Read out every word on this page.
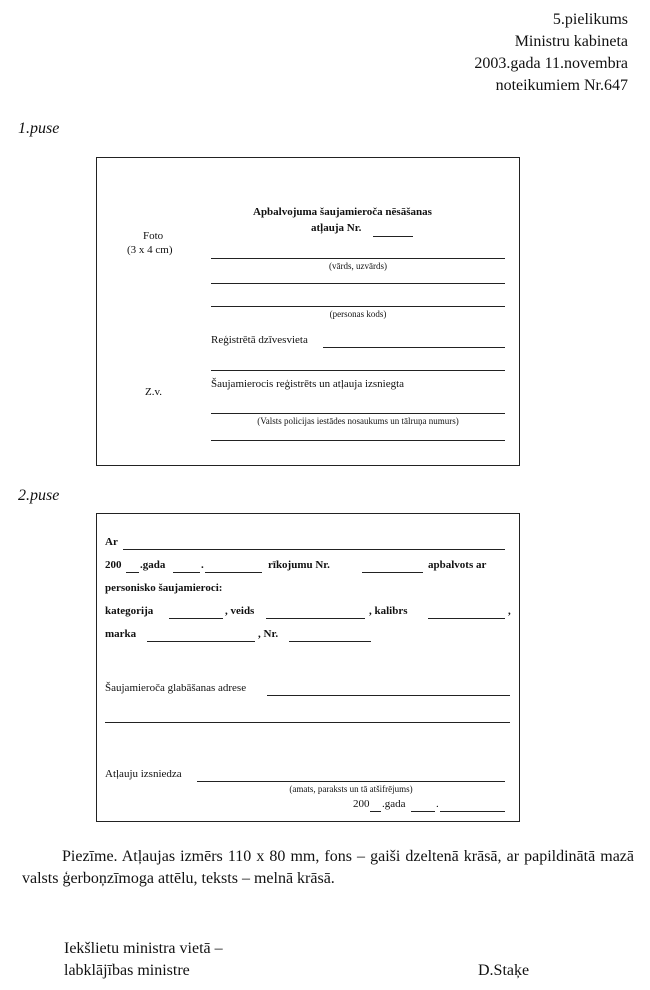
5.pielikums
Ministru kabineta
2003.gada 11.novembra
noteikumiem Nr.647
1.puse
Foto
(3 x 4 cm)
Z.v.
Apbalvojuma šaujamieroča nēsāšanas
atļauja Nr.
(vārds, uzvārds)
(personas kods)
Reģistrētā dzīvesvieta
Šaujamierocis reģistrēts un atļauja izsniegta
(Valsts policijas iestādes nosaukums un tālruņa numurs)
2.puse
Ar
200 .gada	.	rīkojumu Nr.	apbalvots ar
personisko šaujamieroci:
kategorija	, veids	, kalibrs	,
marka	, Nr.
Šaujamieroča glabāšanas adrese
Atļauju izsniedza
(amats, paraksts un tā atšifrējums)
200 .gada	.

Piezīme. Atļaujas izmērs 110 x 80 mm, fons – gaiši dzeltenā krāsā, ar papildinātā mazā valsts ģerboņzīmoga attēlu, teksts – melnā krāsā.

Iekšlietu ministra vietā –
labklājības ministre	D.Staķe
